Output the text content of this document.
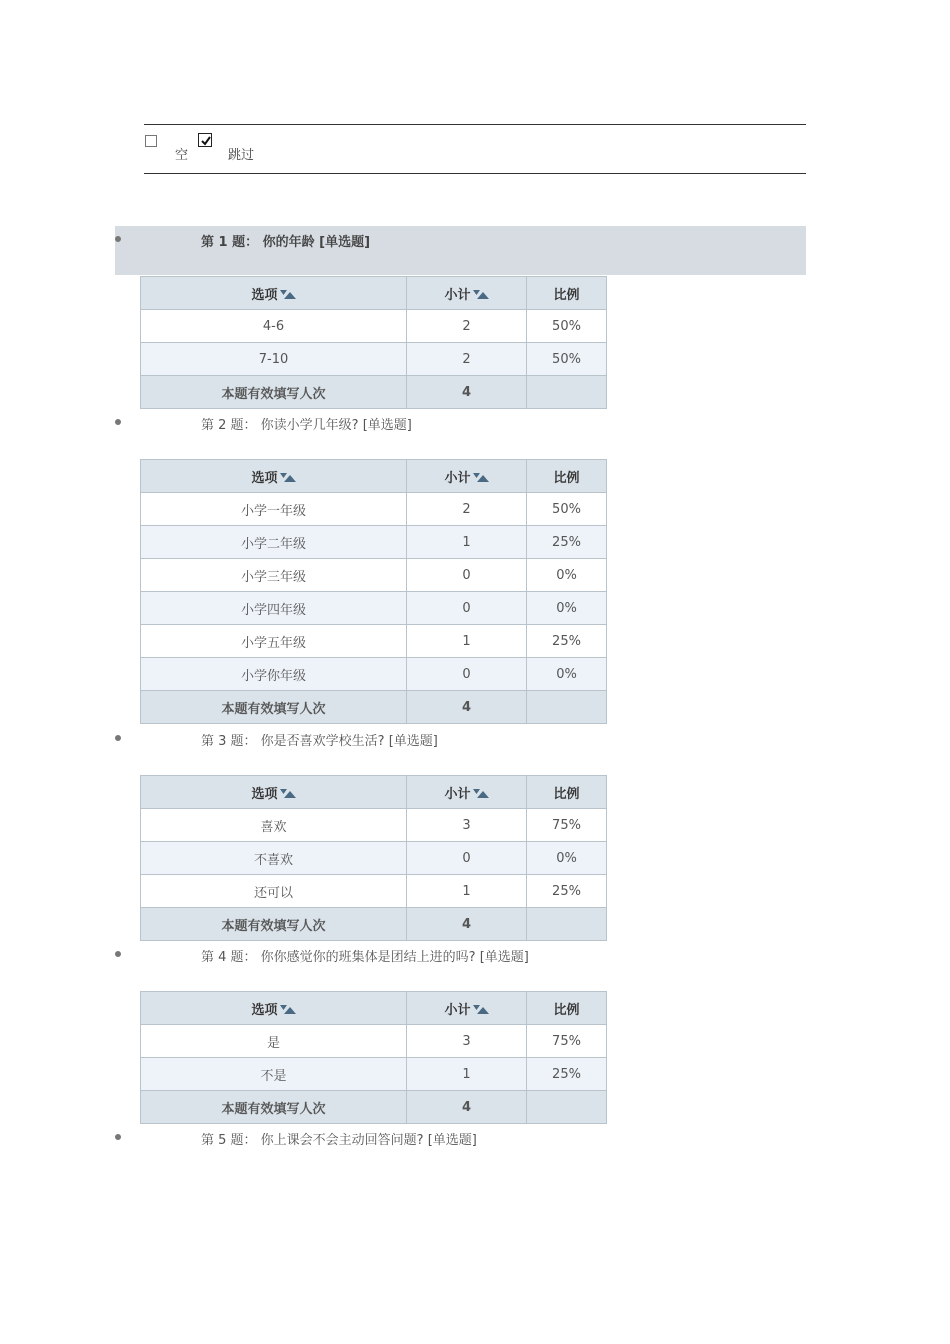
空	跳过
第 1 题： 你的年龄 [单选题]
选项	小计	比例
4-6	2	50%
7-10	2	50%
本题有效填写人次	4	
第 2 题： 你读小学几年级? [单选题]
选项	小计	比例
小学一年级	2	50%
小学二年级	1	25%
小学三年级	0	0%
小学四年级	0	0%
小学五年级	1	25%
小学你年级	0	0%
本题有效填写人次	4	
第 3 题： 你是否喜欢学校生活? [单选题]
选项	小计	比例
喜欢	3	75%
不喜欢	0	0%
还可以	1	25%
本题有效填写人次	4	
第 4 题： 你你感觉你的班集体是团结上进的吗? [单选题]
选项	小计	比例
是	3	75%
不是	1	25%
本题有效填写人次	4	
第 5 题： 你上课会不会主动回答问题? [单选题]
